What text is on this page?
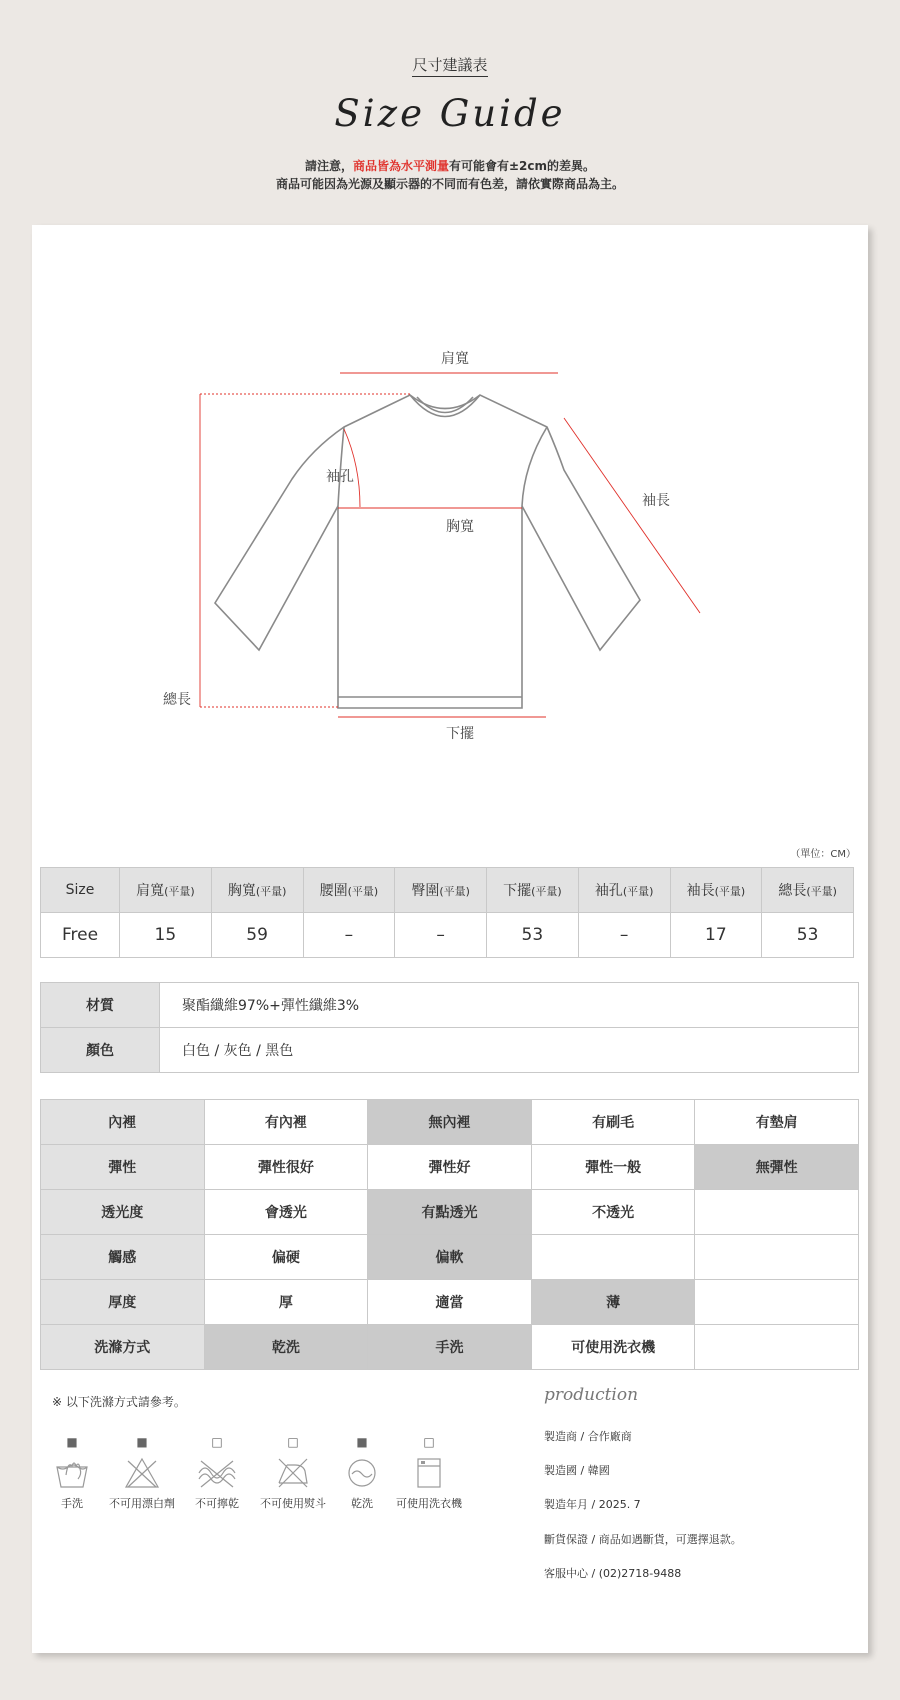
尺寸建議表
Size Guide
請注意，商品皆為水平測量有可能會有±2cm的差異。
商品可能因為光源及顯示器的不同而有色差，請依實際商品為主。
肩寬
袖孔
袖長
胸寬
總長
下擺
（單位：CM）
Size	肩寬(平量)	胸寬(平量)	腰圍(平量)	臀圍(平量)	下擺(平量)	袖孔(平量)	袖長(平量)	總長(平量)
Free	15	59	–	–	53	–	17	53
材質	聚酯纖維97%+彈性纖維3%
顏色	白色 / 灰色 / 黑色
內裡	有內裡	無內裡	有刷毛	有墊肩
彈性	彈性很好	彈性好	彈性一般	無彈性
透光度	會透光	有點透光	不透光	
觸感	偏硬	偏軟		
厚度	厚	適當	薄	
洗滌方式	乾洗	手洗	可使用洗衣機	
※ 以下洗滌方式請參考。
■
手洗
■
不可用漂白劑
□
不可擰乾
□
不可使用熨斗
■
乾洗
□
可使用洗衣機
production
製造商 / 合作廠商
製造國 / 韓國
製造年月 / 2025. 7
斷貨保證 / 商品如遇斷貨，可選擇退款。
客服中心 / (02)2718-9488
